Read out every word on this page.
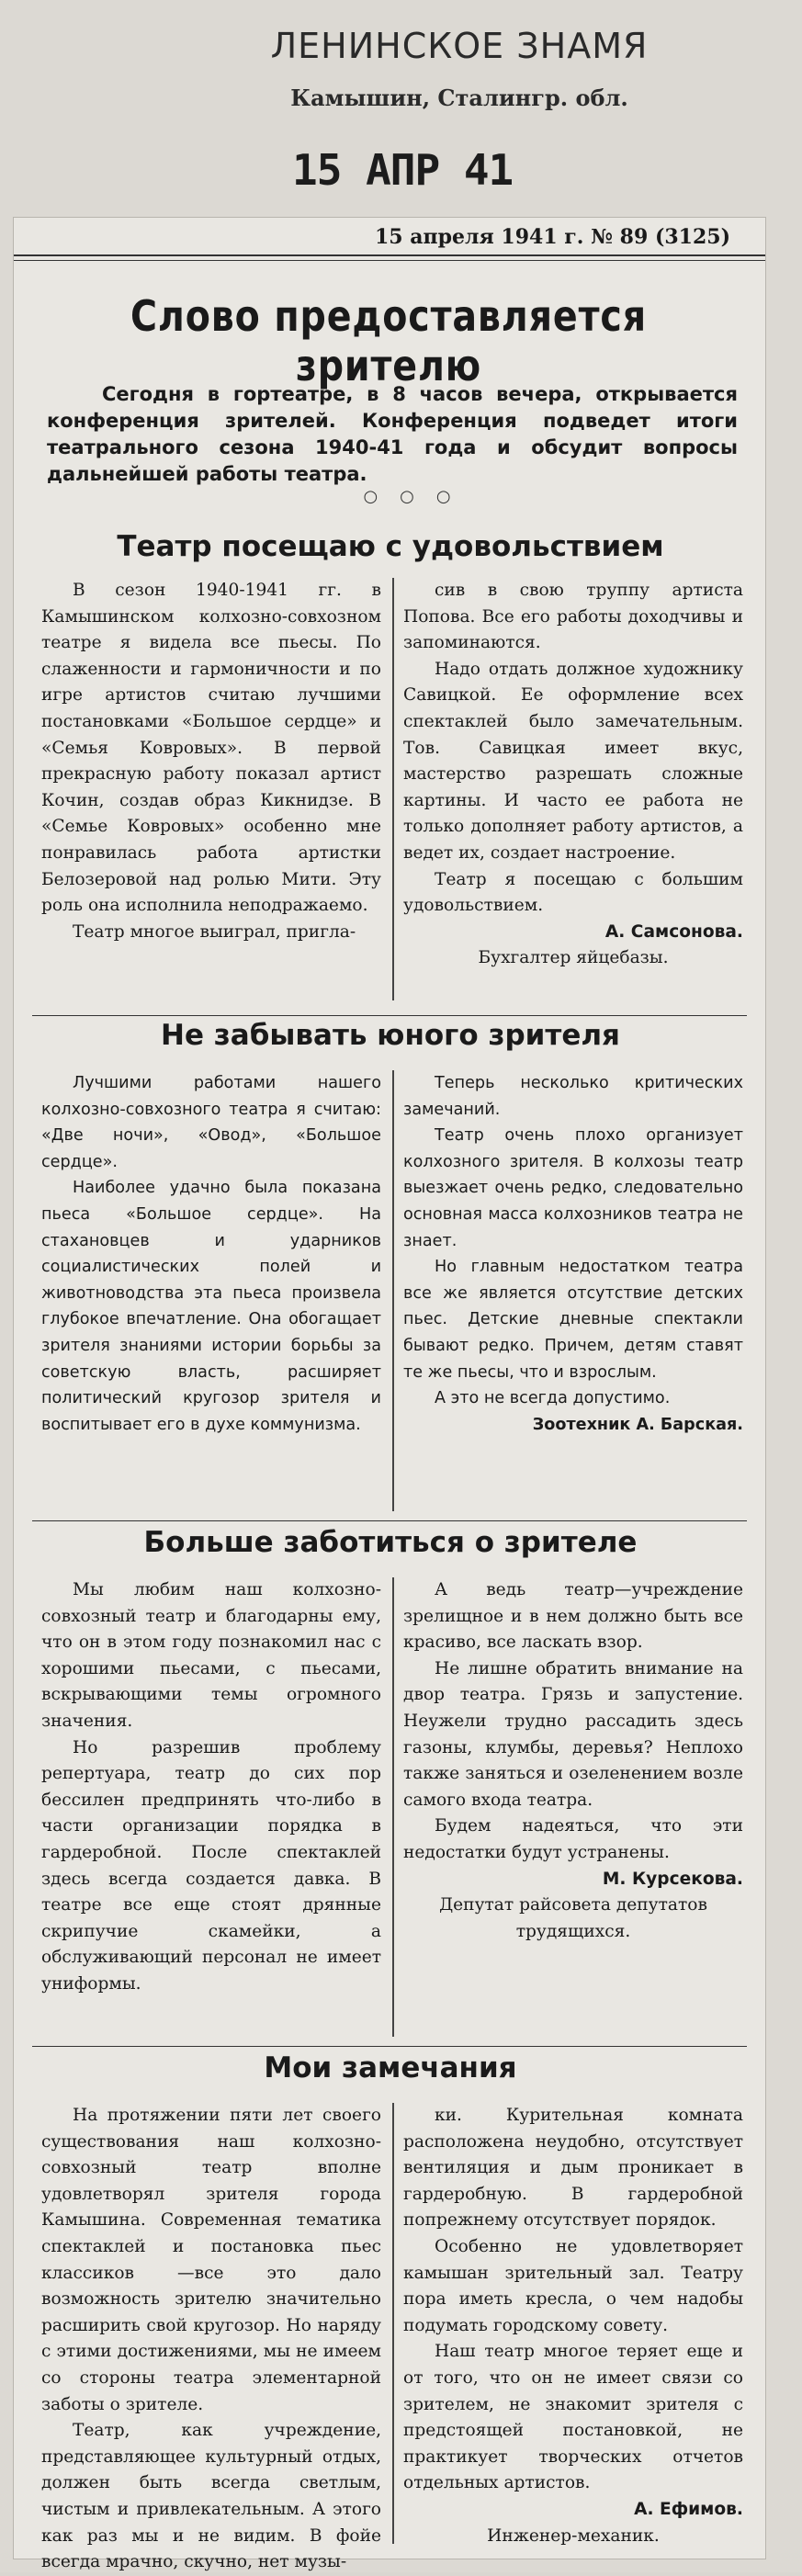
ЛЕНИНСКОЕ ЗНАМЯ
Камышин, Сталингр. обл.
15 АПР 41
15 апреля 1941 г. № 89 (3125)
Слово предоставляется зрителю

Сегодня в гортеатре, в 8 часов вечера, открывается конференция зрителей. Конференция подведет итоги театрального сезона 1940-41 года и обсудит вопросы дальнейшей работы театра.

○○○
Театр посещаю с удовольствием

В сезон 1940-1941 гг. в Камышинском колхозно-совхозном театре я видела все пьесы. По слаженности и гармоничности и по игре артистов считаю лучшими постановками «Большое сердце» и «Семья Ковровых». В первой прекрасную работу показал артист Кочин, создав образ Кикнидзе. В «Семье Ковровых» особенно мне понравилась работа артистки Белозеровой над ролью Мити. Эту роль она исполнила неподражаемо.

Театр многое выиграл, пригла-

сив в свою труппу артиста Попова. Все его работы доходчивы и запоминаются.

Надо отдать должное художнику Савицкой. Ее оформление всех спектаклей было замечательным. Тов. Савицкая имеет вкус, мастерство разрешать сложные картины. И часто ее работа не только дополняет работу артистов, а ведет их, создает настроение.

Театр я посещаю с большим удовольствием.

А. Самсонова.
Бухгалтер яйцебазы.
Не забывать юного зрителя

Лучшими работами нашего колхозно-совхозного театра я считаю: «Две ночи», «Овод», «Большое сердце».

Наиболее удачно была показана пьеса «Большое сердце». На стахановцев и ударников социалистических полей и животноводства эта пьеса произвела глубокое впечатление. Она обогащает зрителя знаниями истории борьбы за советскую власть, расширяет политический кругозор зрителя и воспитывает его в духе коммунизма.

Теперь несколько критических замечаний.

Театр очень плохо организует колхозного зрителя. В колхозы театр выезжает очень редко, следовательно основная масса колхозников театра не знает.

Но главным недостатком театра все же является отсутствие детских пьес. Детские дневные спектакли бывают редко. Причем, детям ставят те же пьесы, что и взрослым.

А это не всегда допустимо.

Зоотехник А. Барская.
Больше заботиться о зрителе

Мы любим наш колхозно-совхозный театр и благодарны ему, что он в этом году познакомил нас с хорошими пьесами, с пьесами, вскрывающими темы огромного значения.

Но разрешив проблему репертуара, театр до сих пор бессилен предпринять что-либо в части организации порядка в гардеробной. После спектаклей здесь всегда создается давка. В театре все еще стоят дрянные скрипучие скамейки, а обслуживающий персонал не имеет униформы.

А ведь театр—учреждение зрелищное и в нем должно быть все красиво, все ласкать взор.

Не лишне обратить внимание на двор театра. Грязь и запустение. Неужели трудно рассадить здесь газоны, клумбы, деревья? Неплохо также заняться и озеленением возле самого входа театра.

Будем надеяться, что эти недостатки будут устранены.

М. Курсекова.
Депутат райсовета депутатов трудящихся.
Мои замечания

На протяжении пяти лет своего существования наш колхозно-совхозный театр вполне удовлетворял зрителя города Камышина. Современная тематика спектаклей и постановка пьес классиков —все это дало возможность зрителю значительно расширить свой кругозор. Но наряду с этими достижениями, мы не имеем со стороны театра элементарной заботы о зрителе.

Театр, как учреждение, представляющее культурный отдых, должен быть всегда светлым, чистым и привлекательным. А этого как раз мы и не видим. В фойе всегда мрачно, скучно, нет музы-

ки. Курительная комната расположена неудобно, отсутствует вентиляция и дым проникает в гардеробную. В гардеробной попрежнему отсутствует порядок.

Особенно не удовлетворяет камышан зрительный зал. Театру пора иметь кресла, о чем надобы подумать городскому совету.

Наш театр многое теряет еще и от того, что он не имеет связи со зрителем, не знакомит зрителя с предстоящей постановкой, не практикует творческих отчетов отдельных артистов.

А. Ефимов.
Инженер-механик.
